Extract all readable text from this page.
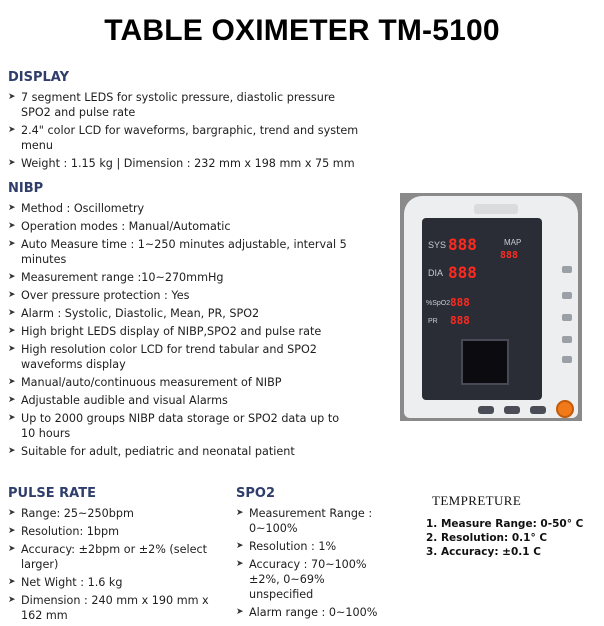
TABLE OXIMETER TM-5100
DISPLAY
➤ 7 segment LEDS for systolic pressure, diastolic pressure SPO2 and pulse rate
➤ 2.4" color LCD for waveforms, bargraphic, trend and system menu
➤ Weight : 1.15 kg | Dimension : 232 mm x 198 mm x 75 mm
NIBP
➤ Method : Oscillometry
➤ Operation modes : Manual/Automatic
➤ Auto Measure time : 1~250 minutes adjustable, interval 5 minutes
➤ Measurement range :10~270mmHg
➤ Over pressure protection : Yes
➤ Alarm : Systolic, Diastolic, Mean, PR, SPO2
➤ High bright LEDS display of NIBP,SPO2 and pulse rate
➤ High resolution color LCD for trend tabular and SPO2 waveforms display
➤ Manual/auto/continuous measurement of NIBP
➤ Adjustable audible and visual Alarms
➤ Up to 2000 groups NIBP data storage or SPO2 data up to 10 hours
➤ Suitable for adult, pediatric and neonatal patient
SYS 888
DIA 888
MAP
888
%SpO2 888
PR 888
PULSE RATE
➤ Range: 25~250bpm
➤ Resolution: 1bpm
➤ Accuracy: ±2bpm or ±2% (select larger)
➤ Net Wight : 1.6 kg
➤ Dimension : 240 mm x 190 mm x 162 mm
SPO2
➤ Measurement Range : 0~100%
➤ Resolution : 1%
➤ Accuracy : 70~100% ±2%, 0~69% unspecified
➤ Alarm range : 0~100%
TEMPRETURE
1. Measure Range: 0-50° C
2. Resolution: 0.1° C
3. Accuracy: ±0.1 C
